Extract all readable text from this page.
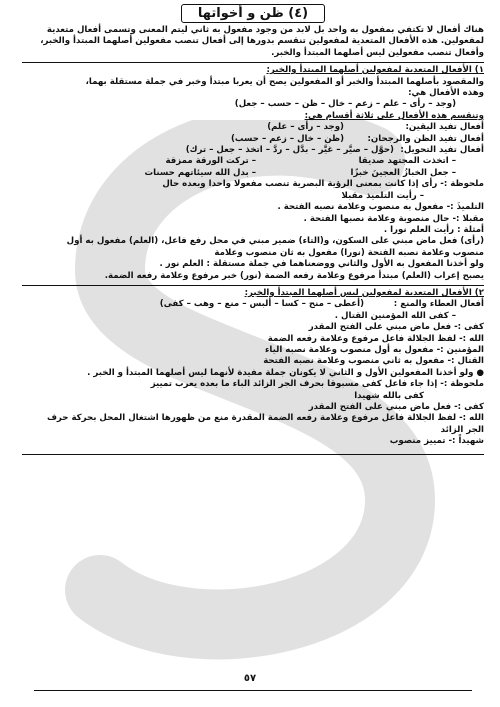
(٤) ظن و أخواتها
هناك أفعال لا تكتفي بمفعول به واحد بل لابد من وجود مفعول به ثاني ليتم المعنى وتسمى أفعال متعدية
لمفعولين. هذه الأفعال المتعدية لمفعولين تنقسم بدورها إلى أفعال تنصب مفعولين أصلهما المبتدأ والخبر،
وأفعال تنصب مفعولين ليس أصلهما المبتدأ والخبر.
١) الأفعال المتعدية لمفعولين أصلهما المبتدأ والخبر:
والمقصود بأصلهما المبتدأ والخبر أو المفعولين يصح أن يعربا مبتدأ وخبر في جملة مستقلة بهما،
وهذه الأفعال هي:
(وجد – رأى – علم – زعم – خال – ظن – حسب – جعل)
وتنقسم هذه الأفعال على ثلاثة أقسام هي:
أفعال تفيد اليقين:
(وجد – رأى – علم)
أفعال تفيد الظن والرجحان:
(ظن – خال – زعم – حسب)
أفعال تفيد التحويل:
(حوَّل – صيَّر – غيَّر – بدَّل – ردَّ – اتخذ – جعل – ترك)
– اتخذت المجتهد صديقا
– تركت الورقة ممزقة
– جعل الخبازُ العجينَ خبزًا
– بدل الله سيئاتهم حسنات
ملحوظة :- رأى إذا كانت بمعنى الرؤية البصرية تنصب مفعولا واحدا وبعده حال
– رأيت التلميذ مقبلا
التلميذَ :- مفعول به منصوب وعلامة نصبه الفتحة .
مقبلا :- حال منصوبة وعلامة نصبها الفتحة .
أمثلة : رأيت العلم نورا .
(رأى) فعل ماض مبني على السكون، و(التاء) ضمير مبني في محل رفع فاعل، (العلم) مفعول به أول
منصوب وعلامة نصبه الفتحة (نورا) مفعول به ثان منصوب وعلامة
ولو أخذنا المفعول به الأول والثاني ووضعناهما في جملة مستقلة : العلم نور .
يصبح إعراب (العلم) مبتدأ مرفوع وعلامة رفعه الضمة (نور) خبر مرفوع وعلامة رفعه الضمة.
٢) الأفعال المتعدية لمفعولين ليس أصلهما المبتدأ والخبر:
أفعال العطاء والمنع :
(أعطى – منح – كسا – ألبس – منع – وهب – كفى)
– كفى الله المؤمنين القتال .
كفى :- فعل ماض مبني على الفتح المقدر
الله :- لفظ الجلالة فاعل مرفوع وعلامة رفعه الضمة
المؤمنين :- مفعول به أول منصوب وعلامة نصبه الياء
القتال :- مفعول به ثاني منصوب وعلامة نصبه الفتحة
● ولو أخذنا المفعولين الأول و الثاني لا يكونان جملة مفيدة لأنهما ليس أصلهما المبتدأ و الخبر .
ملحوظة :- إذا جاء فاعل كفى مسبوقا بحرف الجر الزائد الباء ما بعده يعرب تمييز
كفى بالله شهيدا
كفى :- فعل ماض مبني على الفتح المقدر
الله :- لفظ الجلالة فاعل مرفوع وعلامة رفعه الضمة المقدرة منع من ظهورها اشتغال المحل بحركة حرف
الجر الزائد
شهيداً :- تمييز منصوب
٥٧
